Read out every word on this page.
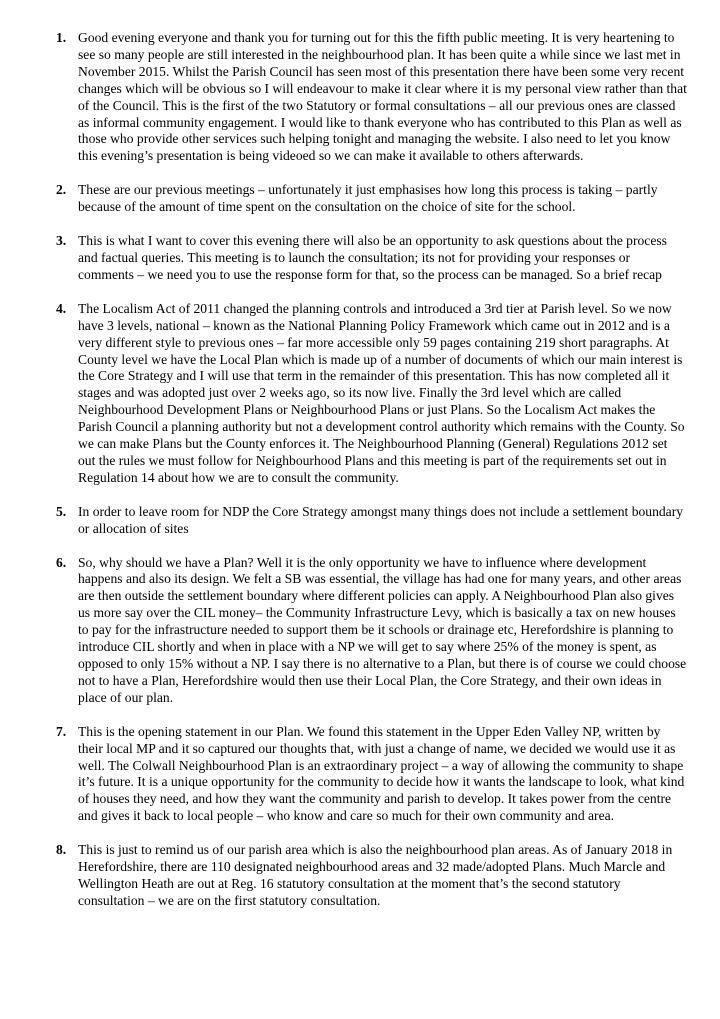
1. Good evening everyone and thank you for turning out for this the fifth public meeting. It is very heartening to see so many people are still interested in the neighbourhood plan. It has been quite a while since we last met in November 2015. Whilst the Parish Council has seen most of this presentation there have been some very recent changes which will be obvious so I will endeavour to make it clear where it is my personal view rather than that of the Council. This is the first of the two Statutory or formal consultations – all our previous ones are classed as informal community engagement. I would like to thank everyone who has contributed to this Plan as well as those who provide other services such helping tonight and managing the website. I also need to let you know this evening’s presentation is being videoed so we can make it available to others afterwards.
2. These are our previous meetings – unfortunately it just emphasises how long this process is taking – partly because of the amount of time spent on the consultation on the choice of site for the school.
3. This is what I want to cover this evening there will also be an opportunity to ask questions about the process and factual queries. This meeting is to launch the consultation; its not for providing your responses or comments – we need you to use the response form for that, so the process can be managed. So a brief recap
4. The Localism Act of 2011 changed the planning controls and introduced a 3rd tier at Parish level. So we now have 3 levels, national – known as the National Planning Policy Framework which came out in 2012 and is a very different style to previous ones – far more accessible only 59 pages containing 219 short paragraphs. At County level we have the Local Plan which is made up of a number of documents of which our main interest is the Core Strategy and I will use that term in the remainder of this presentation. This has now completed all it stages and was adopted just over 2 weeks ago, so its now live. Finally the 3rd level which are called Neighbourhood Development Plans or Neighbourhood Plans or just Plans. So the Localism Act makes the Parish Council a planning authority but not a development control authority which remains with the County. So we can make Plans but the County enforces it. The Neighbourhood Planning (General) Regulations 2012 set out the rules we must follow for Neighbourhood Plans and this meeting is part of the requirements set out in Regulation 14 about how we are to consult the community.
5. In order to leave room for NDP the Core Strategy amongst many things does not include a settlement boundary or allocation of sites
6. So, why should we have a Plan? Well it is the only opportunity we have to influence where development happens and also its design. We felt a SB was essential, the village has had one for many years, and other areas are then outside the settlement boundary where different policies can apply. A Neighbourhood Plan also gives us more say over the CIL money– the Community Infrastructure Levy, which is basically a tax on new houses to pay for the infrastructure needed to support them be it schools or drainage etc, Herefordshire is planning to introduce CIL shortly and when in place with a NP we will get to say where 25% of the money is spent, as opposed to only 15% without a NP. I say there is no alternative to a Plan, but there is of course we could choose not to have a Plan, Herefordshire would then use their Local Plan, the Core Strategy, and their own ideas in place of our plan.
7. This is the opening statement in our Plan. We found this statement in the Upper Eden Valley NP, written by their local MP and it so captured our thoughts that, with just a change of name, we decided we would use it as well. The Colwall Neighbourhood Plan is an extraordinary project – a way of allowing the community to shape it’s future. It is a unique opportunity for the community to decide how it wants the landscape to look, what kind of houses they need, and how they want the community and parish to develop. It takes power from the centre and gives it back to local people – who know and care so much for their own community and area.
8. This is just to remind us of our parish area which is also the neighbourhood plan areas. As of January 2018 in Herefordshire, there are 110 designated neighbourhood areas and 32 made/adopted Plans. Much Marcle and Wellington Heath are out at Reg. 16 statutory consultation at the moment that’s the second statutory consultation – we are on the first statutory consultation.
